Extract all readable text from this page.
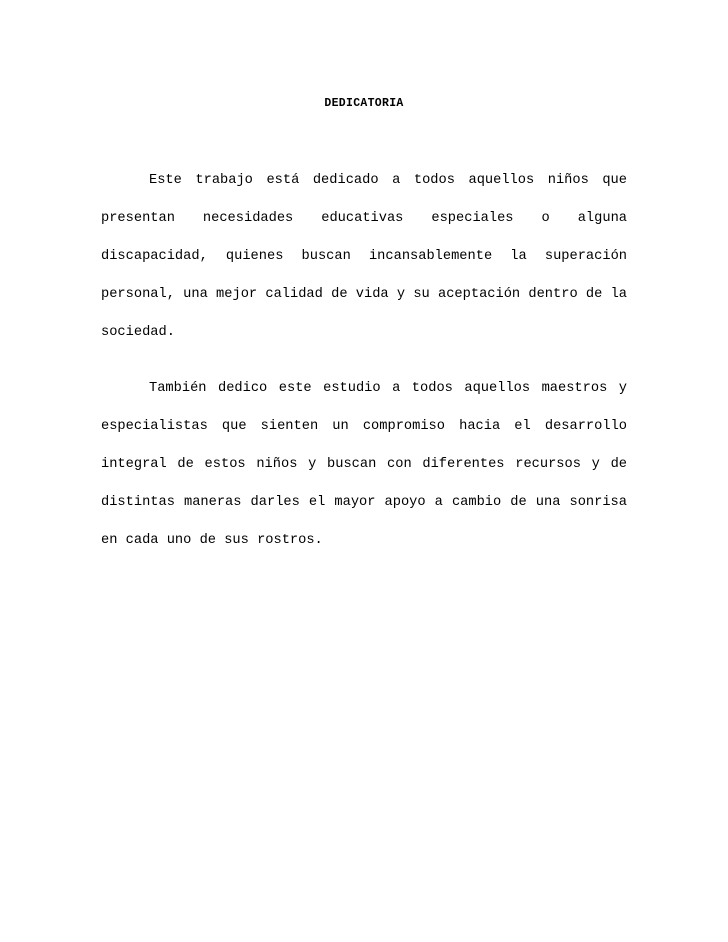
DEDICATORIA

Este trabajo está dedicado a todos aquellos niños que presentan necesidades educativas especiales o alguna discapacidad, quienes buscan incansablemente la superación personal, una mejor calidad de vida y su aceptación dentro de la sociedad.

También dedico este estudio a todos aquellos maestros y especialistas que sienten un compromiso hacia el desarrollo integral de estos niños y buscan con diferentes recursos y de distintas maneras darles el mayor apoyo a cambio de una sonrisa en cada uno de sus rostros.
